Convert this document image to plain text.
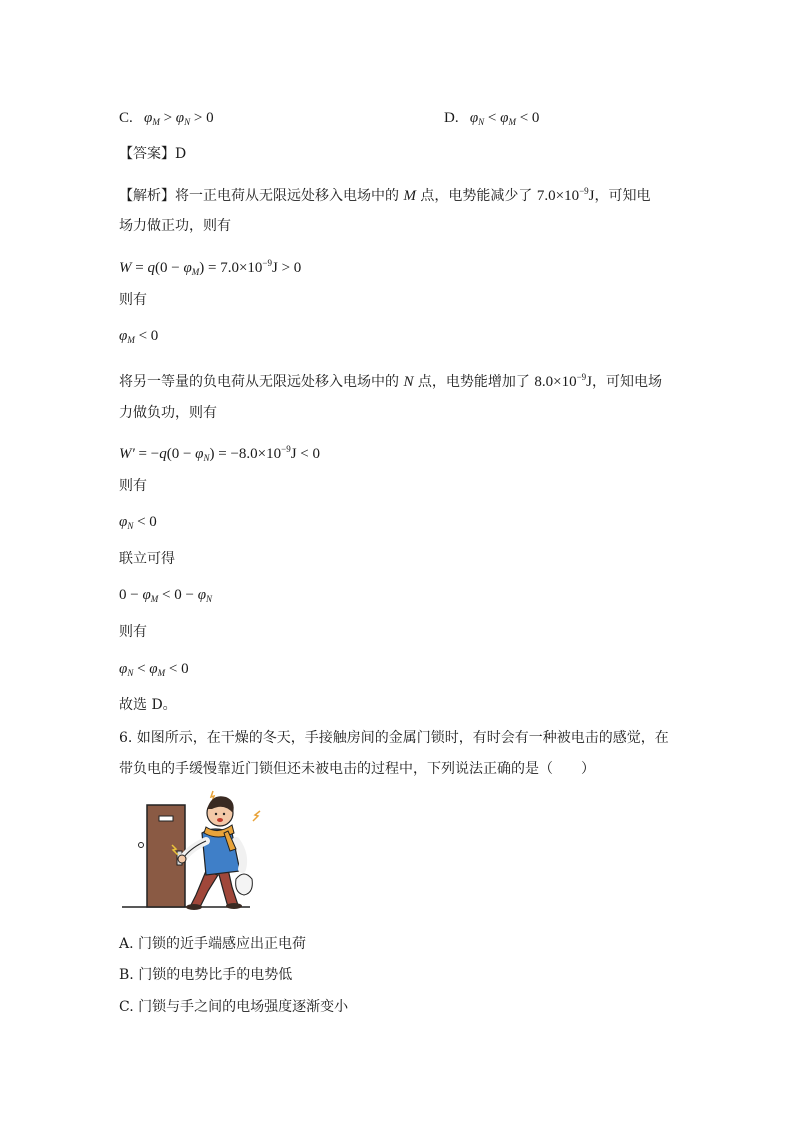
C. $\varphi_M > \varphi_N > 0$	D. $\varphi_N < \varphi_M < 0$
【答案】D
【解析】将一正电荷从无限远处移入电场中的 M 点，电势能减少了 $7.0\times 10^{-9}J$，可知电
场力做正功，则有
$W = q(0 - \varphi_M) = 7.0\times 10^{-9}J > 0$
则有
$\varphi_M < 0$
将另一等量的负电荷从无限远处移入电场中的 N 点，电势能增加了 $8.0\times 10^{-9}J$，可知电场
力做负功，则有
$W' = -q(0 - \varphi_N) = -8.0\times 10^{-9}J < 0$
则有
$\varphi_N < 0$
联立可得
$0 - \varphi_M < 0 - \varphi_N$
则有
$\varphi_N < \varphi_M < 0$
故选 D。
6. 如图所示，在干燥的冬天，手接触房间的金属门锁时，有时会有一种被电击的感觉，在
带负电的手缓慢靠近门锁但还未被电击的过程中，下列说法正确的是（　　）
A. 门锁的近手端感应出正电荷
B. 门锁的电势比手的电势低
C. 门锁与手之间的电场强度逐渐变小
